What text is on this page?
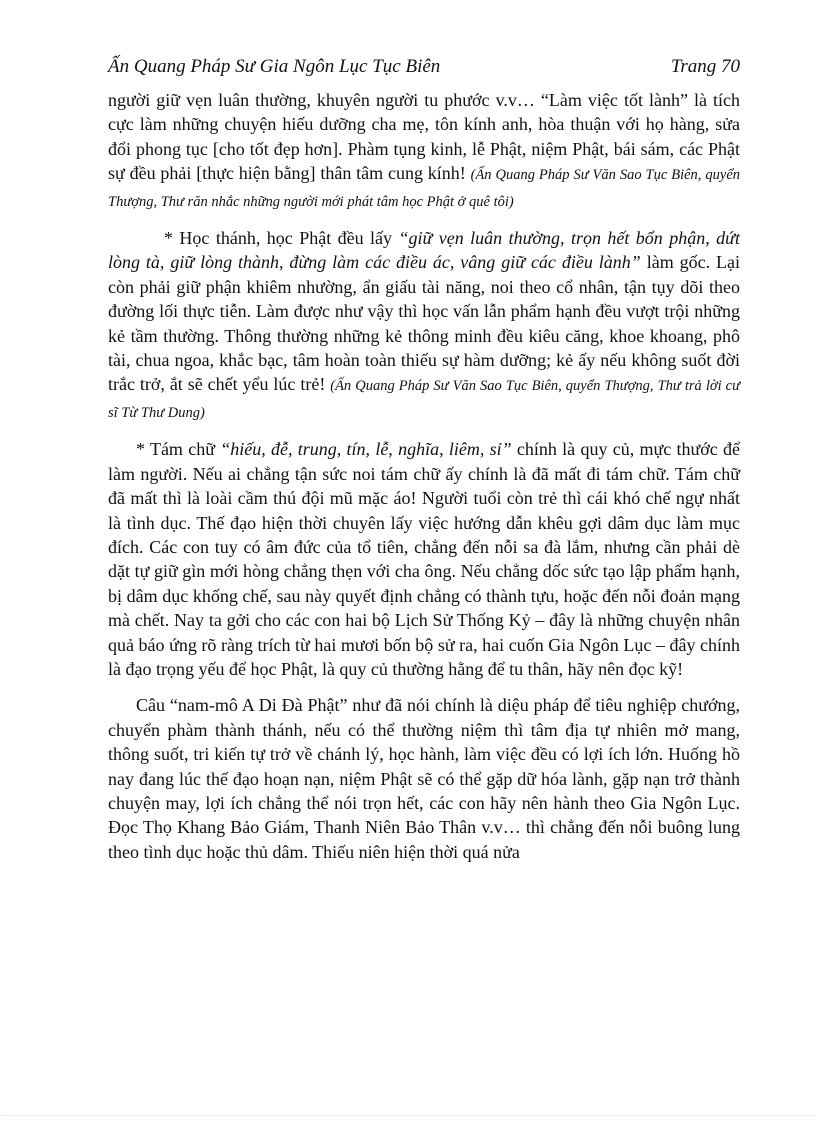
Ấn Quang Pháp Sư Gia Ngôn Lục Tục Biên	Trang 70

người giữ vẹn luân thường, khuyên người tu phước v.v… “Làm việc tốt lành” là tích cực làm những chuyện hiếu dưỡng cha mẹ, tôn kính anh, hòa thuận với họ hàng, sửa đổi phong tục [cho tốt đẹp hơn]. Phàm tụng kinh, lễ Phật, niệm Phật, bái sám, các Phật sự đều phải [thực hiện bằng] thân tâm cung kính! (Ấn Quang Pháp Sư Văn Sao Tục Biên, quyển Thượng, Thư răn nhắc những người mới phát tâm học Phật ở quê tôi)

* Học thánh, học Phật đều lấy “giữ vẹn luân thường, trọn hết bổn phận, dứt lòng tà, giữ lòng thành, đừng làm các điều ác, vâng giữ các điều lành” làm gốc. Lại còn phải giữ phận khiêm nhường, ẩn giấu tài năng, noi theo cổ nhân, tận tụy dõi theo đường lối thực tiễn. Làm được như vậy thì học vấn lẫn phẩm hạnh đều vượt trội những kẻ tầm thường. Thông thường những kẻ thông minh đều kiêu căng, khoe khoang, phô tài, chua ngoa, khắc bạc, tâm hoàn toàn thiếu sự hàm dưỡng; kẻ ấy nếu không suốt đời trắc trở, ắt sẽ chết yểu lúc trẻ! (Ấn Quang Pháp Sư Văn Sao Tục Biên, quyển Thượng, Thư trả lời cư sĩ Từ Thư Dung)

* Tám chữ “hiếu, đễ, trung, tín, lễ, nghĩa, liêm, sỉ” chính là quy củ, mực thước để làm người. Nếu ai chẳng tận sức noi tám chữ ấy chính là đã mất đi tám chữ. Tám chữ đã mất thì là loài cầm thú đội mũ mặc áo! Người tuổi còn trẻ thì cái khó chế ngự nhất là tình dục. Thế đạo hiện thời chuyên lấy việc hướng dẫn khêu gợi dâm dục làm mục đích. Các con tuy có âm đức của tổ tiên, chẳng đến nỗi sa đà lắm, nhưng cần phải dè dặt tự giữ gìn mới hòng chẳng thẹn với cha ông. Nếu chẳng dốc sức tạo lập phẩm hạnh, bị dâm dục khống chế, sau này quyết định chẳng có thành tựu, hoặc đến nỗi đoản mạng mà chết. Nay ta gởi cho các con hai bộ Lịch Sử Thống Kỷ – đây là những chuyện nhân quả báo ứng rõ ràng trích từ hai mươi bốn bộ sử ra, hai cuốn Gia Ngôn Lục – đây chính là đạo trọng yếu để học Phật, là quy củ thường hằng để tu thân, hãy nên đọc kỹ!

Câu “nam-mô A Di Đà Phật” như đã nói chính là diệu pháp để tiêu nghiệp chướng, chuyển phàm thành thánh, nếu có thể thường niệm thì tâm địa tự nhiên mở mang, thông suốt, tri kiến tự trở về chánh lý, học hành, làm việc đều có lợi ích lớn. Huống hồ nay đang lúc thế đạo hoạn nạn, niệm Phật sẽ có thể gặp dữ hóa lành, gặp nạn trở thành chuyện may, lợi ích chẳng thể nói trọn hết, các con hãy nên hành theo Gia Ngôn Lục. Đọc Thọ Khang Bảo Giám, Thanh Niên Bảo Thân v.v… thì chẳng đến nỗi buông lung theo tình dục hoặc thủ dâm. Thiếu niên hiện thời quá nửa
